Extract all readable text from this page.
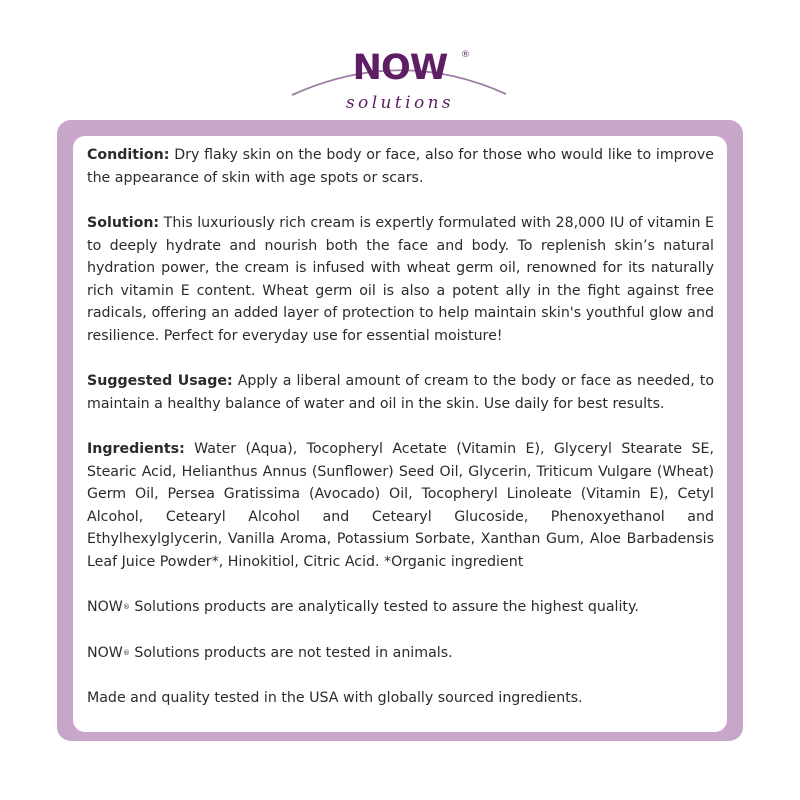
NOW	®
solutions

Condition: Dry flaky skin on the body or face, also for those who would like to improve the appearance of skin with age spots or scars.

Solution: This luxuriously rich cream is expertly formulated with 28,000 IU of vitamin E to deeply hydrate and nourish both the face and body. To replenish skin’s natural hydration power, the cream is infused with wheat germ oil, renowned for its naturally rich vitamin E content. Wheat germ oil is also a potent ally in the fight against free radicals, offering an added layer of protection to help maintain skin's youthful glow and resilience. Perfect for everyday use for essential moisture!

Suggested Usage: Apply a liberal amount of cream to the body or face as needed, to maintain a healthy balance of water and oil in the skin. Use daily for best results.

Ingredients: Water (Aqua), Tocopheryl Acetate (Vitamin E), Glyceryl Stearate SE, Stearic Acid, Helianthus Annus (Sunflower) Seed Oil, Glycerin, Triticum Vulgare (Wheat) Germ Oil, Persea Gratissima (Avocado) Oil, Tocopheryl Linoleate (Vitamin E), Cetyl Alcohol, Cetearyl Alcohol and Cetearyl Glucoside, Phenoxyethanol and Ethylhexylglycerin, Vanilla Aroma, Potassium Sorbate, Xanthan Gum, Aloe Barbadensis Leaf Juice Powder*, Hinokitiol, Citric Acid. *Organic ingredient

NOW® Solutions products are analytically tested to assure the highest quality.

NOW® Solutions products are not tested in animals.

Made and quality tested in the USA with globally sourced ingredients.
